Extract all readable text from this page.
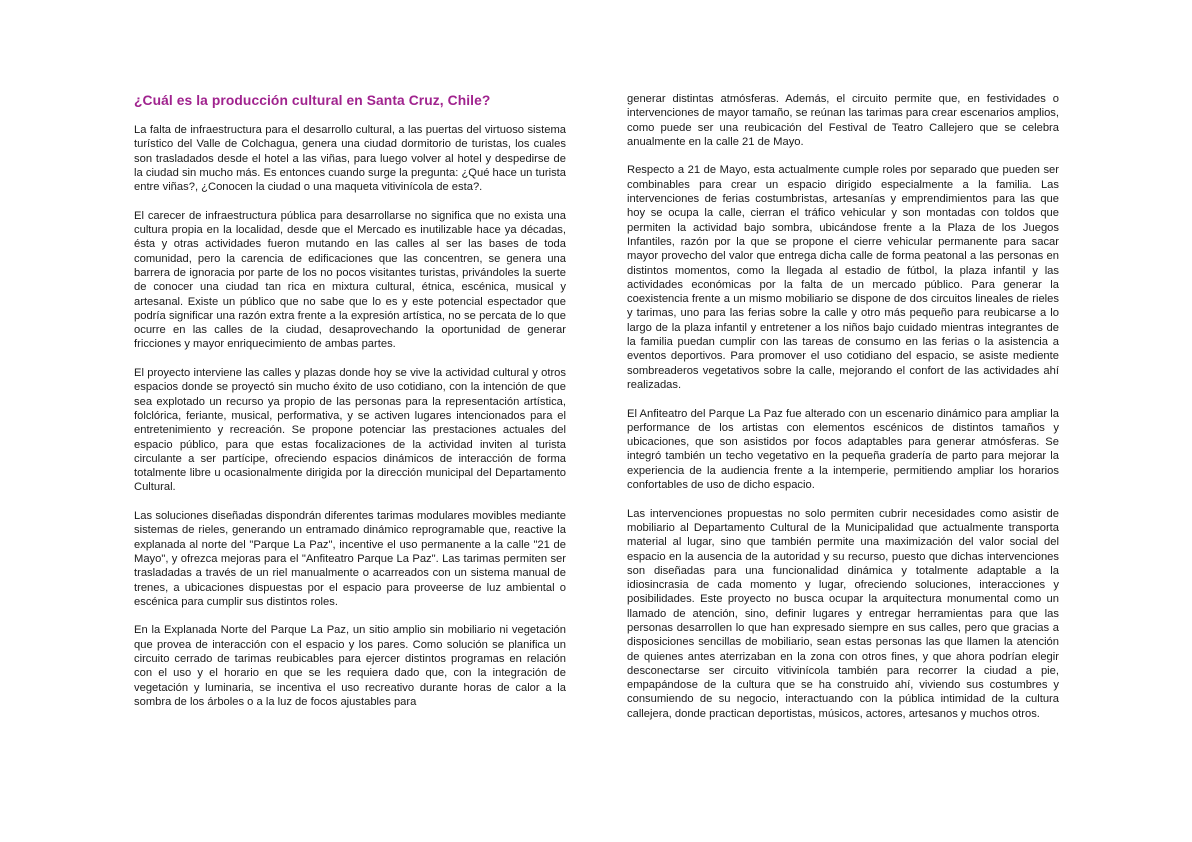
¿Cuál es la producción cultural en Santa Cruz, Chile?

La falta de infraestructura para el desarrollo cultural, a las puertas del virtuoso sistema turístico del Valle de Colchagua, genera una ciudad dormitorio de turistas, los cuales son trasladados desde el hotel a las viñas, para luego volver al hotel y despedirse de la ciudad sin mucho más. Es entonces cuando surge la pregunta: ¿Qué hace un turista entre viñas?, ¿Conocen la ciudad o una maqueta vitivinícola de esta?.

El carecer de infraestructura pública para desarrollarse no significa que no exista una cultura propia en la localidad, desde que el Mercado es inutilizable hace ya décadas, ésta y otras actividades fueron mutando en las calles al ser las bases de toda comunidad, pero la carencia de edificaciones que las concentren, se genera una barrera de ignoracia por parte de los no pocos visitantes turistas, privándoles la suerte de conocer una ciudad tan rica en mixtura cultural, étnica, escénica, musical y artesanal. Existe un público que no sabe que lo es y este potencial espectador que podría significar una razón extra frente a la expresión artística, no se percata de lo que ocurre en las calles de la ciudad, desaprovechando la oportunidad de generar fricciones y mayor enriquecimiento de ambas partes.

El proyecto interviene las calles y plazas donde hoy se vive la actividad cultural y otros espacios donde se proyectó sin mucho éxito de uso cotidiano, con la intención de que sea explotado un recurso ya propio de las personas para la representación artística, folclórica, feriante, musical, performativa, y se activen lugares intencionados para el entretenimiento y recreación. Se propone potenciar las prestaciones actuales del espacio público, para que estas focalizaciones de la actividad inviten al turista circulante a ser partícipe, ofreciendo espacios dinámicos de interacción de forma totalmente libre u ocasionalmente dirigida por la dirección municipal del Departamento Cultural.

Las soluciones diseñadas dispondrán diferentes tarimas modulares movibles mediante sistemas de rieles, generando un entramado dinámico reprogramable que, reactive la explanada al norte del "Parque La Paz", incentive el uso permanente a la calle "21 de Mayo", y ofrezca mejoras para el "Anfiteatro Parque La Paz". Las tarimas permiten ser trasladadas a través de un riel manualmente o acarreados con un sistema manual de trenes, a ubicaciones dispuestas por el espacio para proveerse de luz ambiental o escénica para cumplir sus distintos roles.

En la Explanada Norte del Parque La Paz, un sitio amplio sin mobiliario ni vegetación que provea de interacción con el espacio y los pares. Como solución se planifica un circuito cerrado de tarimas reubicables para ejercer distintos programas en relación con el uso y el horario en que se les requiera dado que, con la integración de vegetación y luminaria, se incentiva el uso recreativo durante horas de calor a la sombra de los árboles o a la luz de focos ajustables para

generar distintas atmósferas. Además, el circuito permite que, en festividades o intervenciones de mayor tamaño, se reúnan las tarimas para crear escenarios amplios, como puede ser una reubicación del Festival de Teatro Callejero que se celebra anualmente en la calle 21 de Mayo.

Respecto a 21 de Mayo, esta actualmente cumple roles por separado que pueden ser combinables para crear un espacio dirigido especialmente a la familia. Las intervenciones de ferias costumbristas, artesanías y emprendimientos para las que hoy se ocupa la calle, cierran el tráfico vehicular y son montadas con toldos que permiten la actividad bajo sombra, ubicándose frente a la Plaza de los Juegos Infantiles, razón por la que se propone el cierre vehicular permanente para sacar mayor provecho del valor que entrega dicha calle de forma peatonal a las personas en distintos momentos, como la llegada al estadio de fútbol, la plaza infantil y las actividades económicas por la falta de un mercado público. Para generar la coexistencia frente a un mismo mobiliario se dispone de dos circuitos lineales de rieles y tarimas, uno para las ferias sobre la calle y otro más pequeño para reubicarse a lo largo de la plaza infantil y entretener a los niños bajo cuidado mientras integrantes de la familia puedan cumplir con las tareas de consumo en las ferias o la asistencia a eventos deportivos. Para promover el uso cotidiano del espacio, se asiste mediente sombreaderos vegetativos sobre la calle, mejorando el confort de las actividades ahí realizadas.

El Anfiteatro del Parque La Paz fue alterado con un escenario dinámico para ampliar la performance de los artistas con elementos escénicos de distintos tamaños y ubicaciones, que son asistidos por focos adaptables para generar atmósferas. Se integró también un techo vegetativo en la pequeña gradería de parto para mejorar la experiencia de la audiencia frente a la intemperie, permitiendo ampliar los horarios confortables de uso de dicho espacio.

Las intervenciones propuestas no solo permiten cubrir necesidades como asistir de mobiliario al Departamento Cultural de la Municipalidad que actualmente transporta material al lugar, sino que también permite una maximización del valor social del espacio en la ausencia de la autoridad y su recurso, puesto que dichas intervenciones son diseñadas para una funcionalidad dinámica y totalmente adaptable a la idiosincrasia de cada momento y lugar, ofreciendo soluciones, interacciones y posibilidades. Este proyecto no busca ocupar la arquitectura monumental como un llamado de atención, sino, definir lugares y entregar herramientas para que las personas desarrollen lo que han expresado siempre en sus calles, pero que gracias a disposiciones sencillas de mobiliario, sean estas personas las que llamen la atención de quienes antes aterrizaban en la zona con otros fines, y que ahora podrían elegir desconectarse ser circuito vitivinícola también para recorrer la ciudad a pie, empapándose de la cultura que se ha construido ahí, viviendo sus costumbres y consumiendo de su negocio, interactuando con la pública intimidad de la cultura callejera, donde practican deportistas, músicos, actores, artesanos y muchos otros.
